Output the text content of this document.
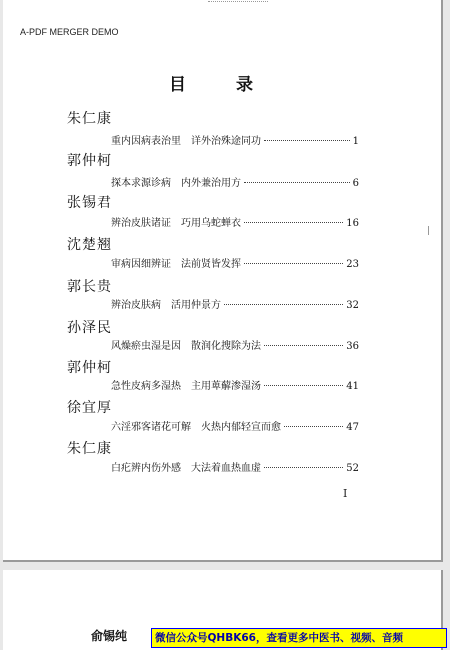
A-PDF MERGER DEMO
目 录
朱仁康
重内因病表治里　详外治殊途同功	1
郭仲柯
探本求源诊病　内外兼治用方	6
张锡君
辨治皮肤诸证　巧用乌蛇蝉衣	16
沈楚翘
审病因细辨证　法前贤皆发挥	23
郭长贵
辨治皮肤病　活用仲景方	32
孙泽民
风燥瘀虫湿是因　散润化搜除为法	36
郭仲柯
急性皮病多湿热　主用萆薢渗湿汤	41
徐宜厚
六淫邪客诸花可解　火热内郁轻宣而愈	47
朱仁康
白疕辨内伤外感　大法着血热血虚	52
I
俞锡纯	微信公众号QHBK66，查看更多中医书、视频、音频
